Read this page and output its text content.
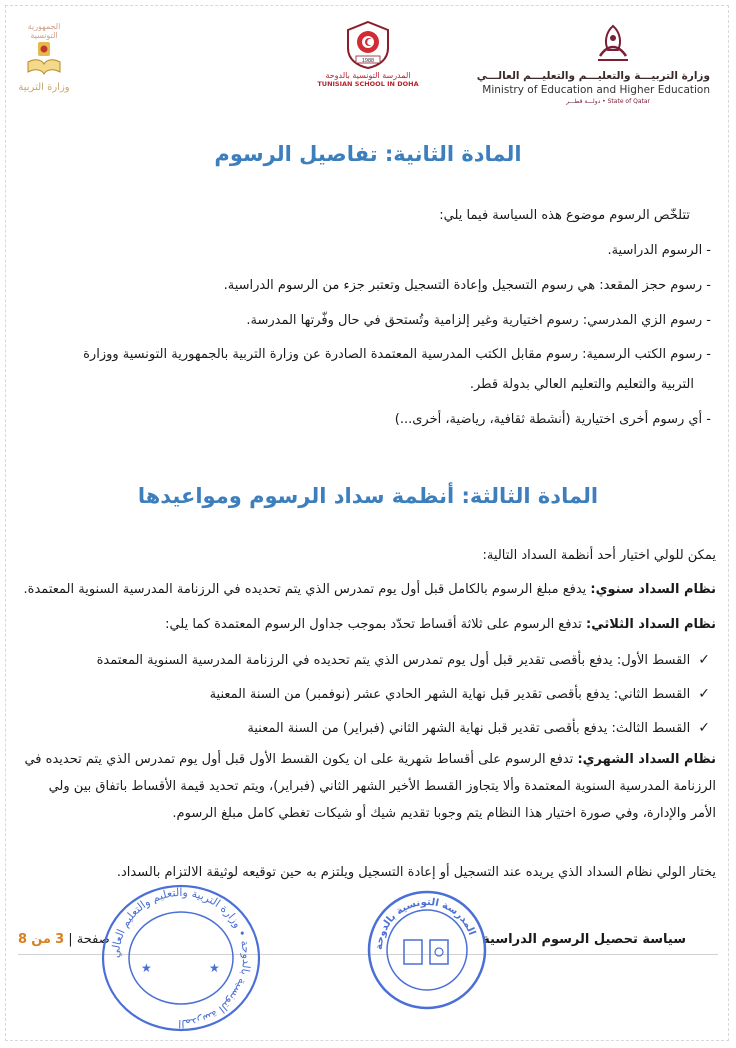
وزارة التربيـــة والتعليـــم والتعليـــم العالـــي
Ministry of Education and Higher Education
State of Qatar • دولـــة قطـــر
1988
المدرسة التونسية بالدوحة
TUNISIAN SCHOOL IN DOHA
الجمهورية التونسية
وزارة التربية
المادة الثانية: تفاصيل الرسوم
تتلخّص الرسوم موضوع هذه السياسة فيما يلي:
- الرسوم الدراسية.
- رسوم حجز المقعد: هي رسوم التسجيل وإعادة التسجيل وتعتبر جزء من الرسوم الدراسية.
- رسوم الزي المدرسي: رسوم اختيارية وغير إلزامية وتُستحق في حال وفّرتها المدرسة.
- رسوم الكتب الرسمية: رسوم مقابل الكتب المدرسية المعتمدة الصادرة عن وزارة التربية بالجمهورية التونسية ووزارة
التربية والتعليم والتعليم العالي بدولة قطر.
- أي رسوم أخرى اختيارية (أنشطة ثقافية، رياضية، أخرى...)
المادة الثالثة: أنظمة سداد الرسوم ومواعيدها
يمكن للولي اختيار أحد أنظمة السداد التالية:
نظام السداد سنوي: يدفع مبلغ الرسوم بالكامل قبل أول يوم تمدرس الذي يتم تحديده في الرزنامة المدرسية السنوية المعتمدة.
نظام السداد الثلاثي: تدفع الرسوم على ثلاثة أقساط تحدّد بموجب جداول الرسوم المعتمدة كما يلي:
✓القسط الأول: يدفع بأقصى تقدير قبل أول يوم تمدرس الذي يتم تحديده في الرزنامة المدرسية السنوية المعتمدة
✓القسط الثاني: يدفع بأقصى تقدير قبل نهاية الشهر الحادي عشر (نوفمبر) من السنة المعنية
✓القسط الثالث: يدفع بأقصى تقدير قبل نهاية الشهر الثاني (فبراير) من السنة المعنية
نظام السداد الشهري: تدفع الرسوم على أقساط شهرية على ان يكون القسط الأول قبل أول يوم تمدرس الذي يتم تحديده في الرزنامة المدرسية السنوية المعتمدة وألا يتجاوز القسط الأخير الشهر الثاني (فبراير)، ويتم تحديد قيمة الأقساط باتفاق بين ولي الأمر والإدارة، وفي صورة اختيار هذا النظام يتم وجوبا تقديم شيك أو شيكات تغطي كامل مبلغ الرسوم.
يختار الولي نظام السداد الذي يريده عند التسجيل أو إعادة التسجيل ويلتزم به حين توقيعه لوثيقة الالتزام بالسداد.
سياسة تحصيل الرسوم الدراسية
صفحة | 3 من 8
المدرسة التونسية بالدوحة • وزارة التربية والتعليم والتعليم العالي
★	★
المدرسة التونسية بالدوحة
